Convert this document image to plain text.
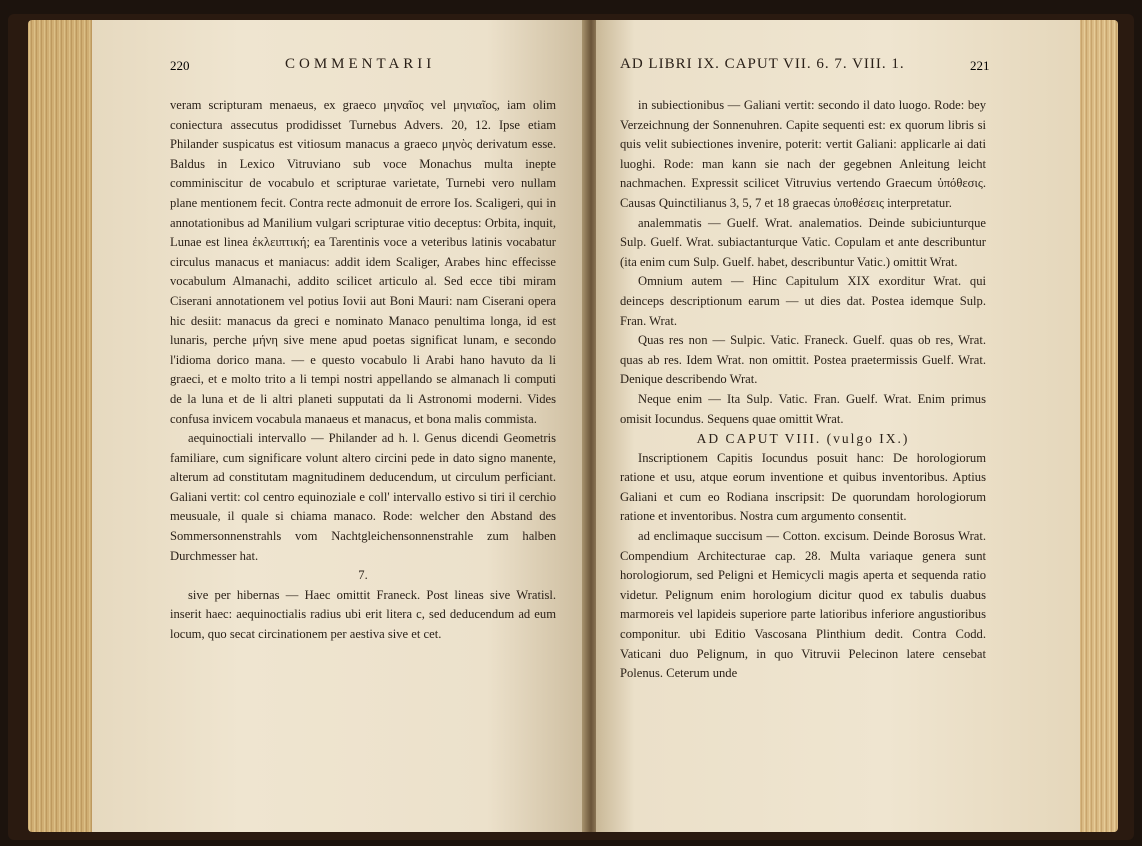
220	COMMENTARII

veram scripturam menaeus, ex graeco μηναῖος vel μηνιαῖος, iam olim coniectura assecutus prodidisset Turnebus Advers. 20, 12. Ipse etiam Philander suspicatus est vitiosum manacus a graeco μηνὸς derivatum esse. Baldus in Lexico Vitruviano sub voce Monachus multa inepte comminiscitur de vocabulo et scripturae varietate, Turnebi vero nullam plane mentionem fecit. Contra recte admonuit de errore Ios. Scaligeri, qui in annotationibus ad Manilium vulgari scripturae vitio deceptus: Orbita, inquit, Lunae est linea ἐκλειπτική; ea Tarentinis voce a veteribus latinis vocabatur circulus manacus et maniacus: addit idem Scaliger, Arabes hinc effecisse vocabulum Almanachi, addito scilicet articulo al. Sed ecce tibi miram Ciserani annotationem vel potius Iovii aut Boni Mauri: nam Ciserani opera hic desiit: manacus da greci e nominato Manaco penultima longa, id est lunaris, perche μήνη sive mene apud poetas significat lunam, e secondo l'idioma dorico mana. — e questo vocabulo li Arabi hano havuto da li graeci, et e molto trito a li tempi nostri appellando se almanach li computi de la luna et de li altri planeti supputati da li Astronomi moderni. Vides confusa invicem vocabula manaeus et manacus, et bona malis commista.

aequinoctiali intervallo — Philander ad h. l. Genus dicendi Geometris familiare, cum significare volunt altero circini pede in dato signo manente, alterum ad constitutam magnitudinem deducendum, ut circulum perficiant. Galiani vertit: col centro equinoziale e coll' intervallo estivo si tiri il cerchio meusuale, il quale si chiama manaco. Rode: welcher den Abstand des Sommersonnenstrahls vom Nachtgleichensonnenstrahle zum halben Durchmesser hat.

7.

sive per hibernas — Haec omittit Franeck. Post lineas sive Wratisl. inserit haec: aequinoctialis radius ubi erit litera c, sed deducendum ad eum locum, quo secat circinationem per aestiva sive et cet.

AD LIBRI IX. CAPUT VII. 6. 7. VIII. 1.	221

in subiectionibus — Galiani vertit: secondo il dato luogo. Rode: bey Verzeichnung der Sonnenuhren. Capite sequenti est: ex quorum libris si quis velit subiectiones invenire, poterit: vertit Galiani: applicarle ai dati luoghi. Rode: man kann sie nach der gegebnen Anleitung leicht nachmachen. Expressit scilicet Vitruvius vertendo Graecum ὑπόθεσις. Causas Quinctilianus 3, 5, 7 et 18 graecas ὑποθέσεις interpretatur.

analemmatis — Guelf. Wrat. analematios. Deinde subiciunturque Sulp. Guelf. Wrat. subiactanturque Vatic. Copulam et ante describuntur (ita enim cum Sulp. Guelf. habet, describuntur Vatic.) omittit Wrat.

Omnium autem — Hinc Capitulum XIX exorditur Wrat. qui deinceps descriptionum earum — ut dies dat. Postea idemque Sulp. Fran. Wrat.

Quas res non — Sulpic. Vatic. Franeck. Guelf. quas ob res, Wrat. quas ab res. Idem Wrat. non omittit. Postea praetermissis Guelf. Wrat. Denique describendo Wrat.

Neque enim — Ita Sulp. Vatic. Fran. Guelf. Wrat. Enim primus omisit Iocundus. Sequens quae omittit Wrat.

AD CAPUT VIII. (vulgo IX.)

Inscriptionem Capitis Iocundus posuit hanc: De horologiorum ratione et usu, atque eorum inventione et quibus inventoribus. Aptius Galiani et cum eo Rodiana inscripsit: De quorundam horologiorum ratione et inventoribus. Nostra cum argumento consentit.

ad enclimaque succisum — Cotton. excisum. Deinde Borosus Wrat. Compendium Architecturae cap. 28. Multa variaque genera sunt horologiorum, sed Peligni et Hemicycli magis aperta et sequenda ratio videtur. Pelignum enim horologium dicitur quod ex tabulis duabus marmoreis vel lapideis superiore parte latioribus inferiore angustioribus componitur. ubi Editio Vascosana Plinthium dedit. Contra Codd. Vaticani duo Pelignum, in quo Vitruvii Pelecinon latere censebat Polenus. Ceterum unde
